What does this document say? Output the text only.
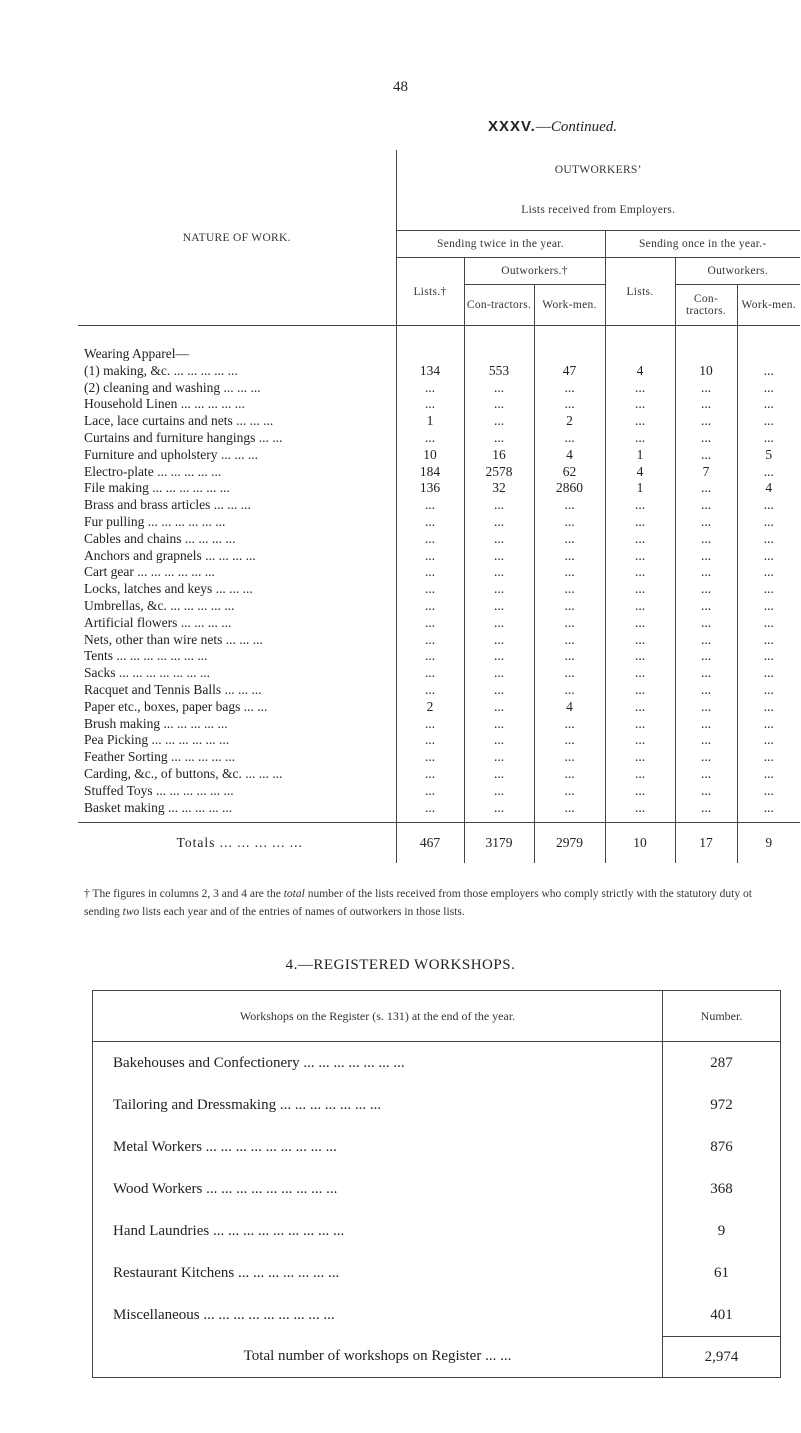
48
XXXV.—Continued.
NATURE OF WORK.	OUTWORKERS’					
	Lists received from Employers.					
	Sending twice in the year.			Sending once in the year.-		
	Lists.†	Outworkers.†		Lists.	Outworkers.	
		Con-tractors.	Work-men.		Con-tractors.	Work-men.

Wearing Apparel—						
(1) making, &c. ... ... ... ... ...	134	553	47	4	10	...
(2) cleaning and washing ... ... ...	...	...	...	...	...	...
Household Linen ... ... ... ... ...	...	...	...	...	...	...
Lace, lace curtains and nets ... ... ...	1	...	2	...	...	...
Curtains and furniture hangings ... ...	...	...	...	...	...	...
Furniture and upholstery ... ... ...	10	16	4	1	...	5
Electro-plate ... ... ... ... ...	184	2578	62	4	7	...
File making ... ... ... ... ... ...	136	32	2860	1	...	4
Brass and brass articles ... ... ...	...	...	...	...	...	...
Fur pulling ... ... ... ... ... ...	...	...	...	...	...	...
Cables and chains ... ... ... ...	...	...	...	...	...	...
Anchors and grapnels ... ... ... ...	...	...	...	...	...	...
Cart gear ... ... ... ... ... ...	...	...	...	...	...	...
Locks, latches and keys ... ... ...	...	...	...	...	...	...
Umbrellas, &c. ... ... ... ... ...	...	...	...	...	...	...
Artificial flowers ... ... ... ...	...	...	...	...	...	...
Nets, other than wire nets ... ... ...	...	...	...	...	...	...
Tents ... ... ... ... ... ... ...	...	...	...	...	...	...
Sacks ... ... ... ... ... ... ...	...	...	...	...	...	...
Racquet and Tennis Balls ... ... ...	...	...	...	...	...	...
Paper etc., boxes, paper bags ... ...	2	...	4	...	...	...
Brush making ... ... ... ... ...	...	...	...	...	...	...
Pea Picking ... ... ... ... ... ...	...	...	...	...	...	...
Feather Sorting ... ... ... ... ...	...	...	...	...	...	...
Carding, &c., of buttons, &c. ... ... ...	...	...	...	...	...	...
Stuffed Toys ... ... ... ... ... ...	...	...	...	...	...	...
Basket making ... ... ... ... ...	...	...	...	...	...	...

Totals ... ... ... ... ...	467	3179	2979	10	17	9
† The figures in columns 2, 3 and 4 are the total number of the lists received from those employers who comply strictly with the statutory duty ot sending two lists each year and of the entries of names of outworkers in those lists.
4.—REGISTERED WORKSHOPS.
Workshops on the Register (s. 131) at the end of the year.	Number.
Bakehouses and Confectionery ... ... ... ... ... ... ...	287
Tailoring and Dressmaking ... ... ... ... ... ... ...	972
Metal Workers ... ... ... ... ... ... ... ... ...	876
Wood Workers ... ... ... ... ... ... ... ... ...	368
Hand Laundries ... ... ... ... ... ... ... ... ...	9
Restaurant Kitchens ... ... ... ... ... ... ...	61
Miscellaneous ... ... ... ... ... ... ... ... ...	401
Total number of workshops on Register ... ...	2,974
